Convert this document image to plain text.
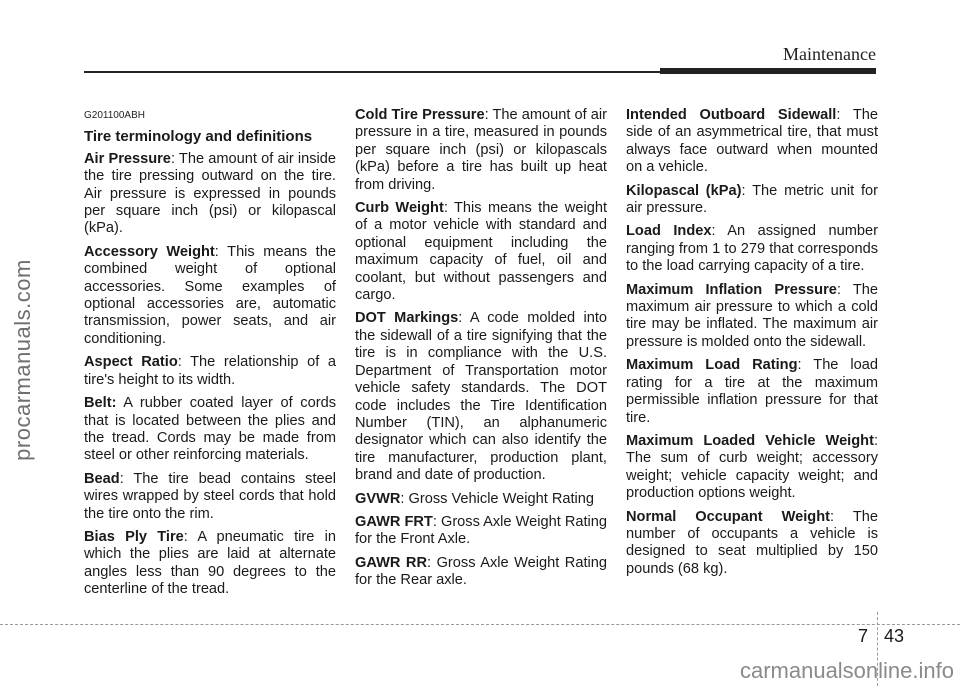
Maintenance
procarmanuals.com
G201100ABH
Tire terminology and definitions
Air Pressure: The amount of air inside the tire pressing outward on the tire. Air pressure is expressed in pounds per square inch (psi) or kilopascal (kPa).
Accessory Weight: This means the combined weight of optional accessories. Some examples of optional accessories are, automatic transmission, power seats, and air conditioning.
Aspect Ratio: The relationship of a tire's height to its width.
Belt: A rubber coated layer of cords that is located between the plies and the tread. Cords may be made from steel or other reinforcing materials.
Bead: The tire bead contains steel wires wrapped by steel cords that hold the tire onto the rim.
Bias Ply Tire: A pneumatic tire in which the plies are laid at alternate angles less than 90 degrees to the centerline of the tread.
Cold Tire Pressure: The amount of air pressure in a tire, measured in pounds per square inch (psi) or kilopascals (kPa) before a tire has built up heat from driving.
Curb Weight: This means the weight of a motor vehicle with standard and optional equipment including the maximum capacity of fuel, oil and coolant, but without passengers and cargo.
DOT Markings: A code molded into the sidewall of a tire signifying that the tire is in compliance with the U.S. Department of Transportation motor vehicle safety standards. The DOT code includes the Tire Identification Number (TIN), an alphanumeric designator which can also identify the tire manufacturer, production plant, brand and date of production.
GVWR: Gross Vehicle Weight Rating
GAWR FRT: Gross Axle Weight Rating for the Front Axle.
GAWR RR: Gross Axle Weight Rating for the Rear axle.
Intended Outboard Sidewall: The side of an asymmetrical tire, that must always face outward when mounted on a vehicle.
Kilopascal (kPa): The metric unit for air pressure.
Load Index: An assigned number ranging from 1 to 279 that corresponds to the load carrying capacity of a tire.
Maximum Inflation Pressure: The maximum air pressure to which a cold tire may be inflated. The maximum air pressure is molded onto the sidewall.
Maximum Load Rating: The load rating for a tire at the maximum permissible inflation pressure for that tire.
Maximum Loaded Vehicle Weight: The sum of curb weight; accessory weight; vehicle capacity weight; and production options weight.
Normal Occupant Weight: The number of occupants a vehicle is designed to seat multiplied by 150 pounds (68 kg).
7 43
carmanualsonline.info
